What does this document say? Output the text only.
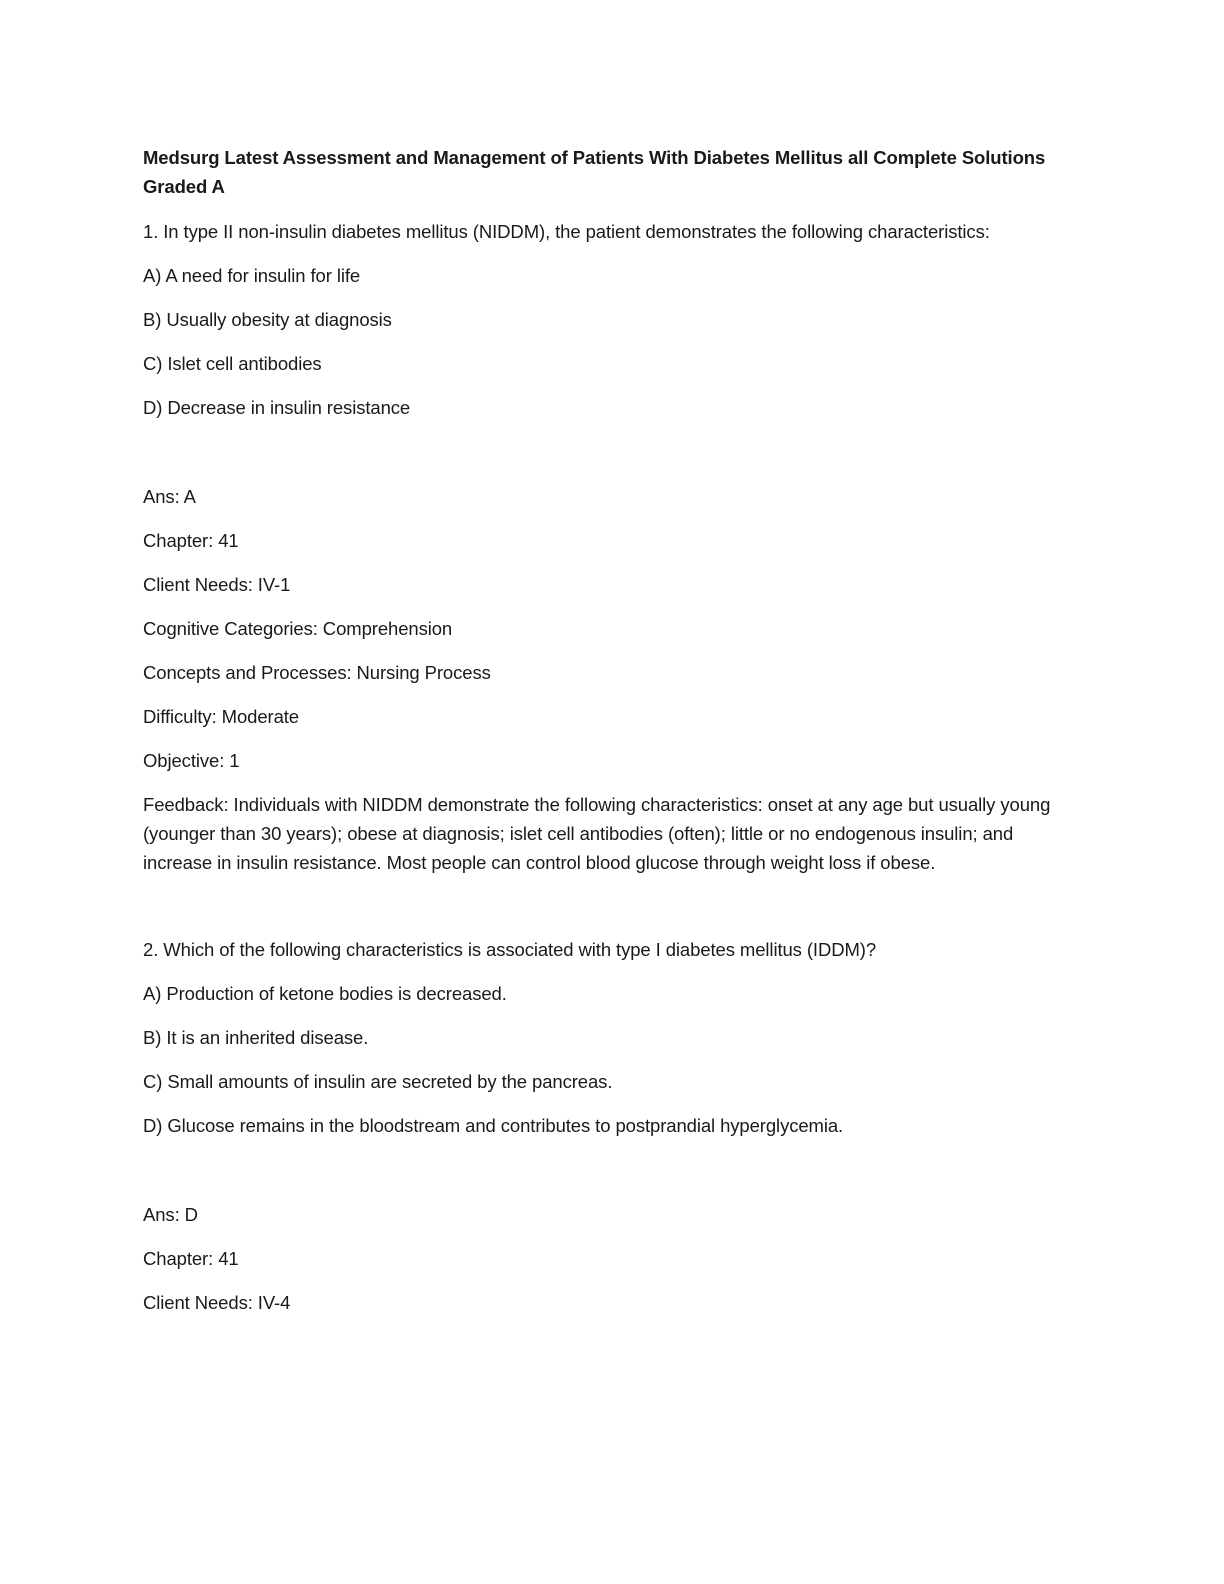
Medsurg Latest Assessment and Management of Patients With Diabetes Mellitus all Complete Solutions Graded A
1. In type II non-insulin diabetes mellitus (NIDDM), the patient demonstrates the following characteristics:
A) A need for insulin for life
B) Usually obesity at diagnosis
C) Islet cell antibodies
D) Decrease in insulin resistance
Ans: A
Chapter: 41
Client Needs: IV-1
Cognitive Categories: Comprehension
Concepts and Processes: Nursing Process
Difficulty: Moderate
Objective: 1
Feedback: Individuals with NIDDM demonstrate the following characteristics: onset at any age but usually young (younger than 30 years); obese at diagnosis; islet cell antibodies (often); little or no endogenous insulin; and increase in insulin resistance. Most people can control blood glucose through weight loss if obese.
2. Which of the following characteristics is associated with type I diabetes mellitus (IDDM)?
A) Production of ketone bodies is decreased.
B) It is an inherited disease.
C) Small amounts of insulin are secreted by the pancreas.
D) Glucose remains in the bloodstream and contributes to postprandial hyperglycemia.
Ans: D
Chapter: 41
Client Needs: IV-4
